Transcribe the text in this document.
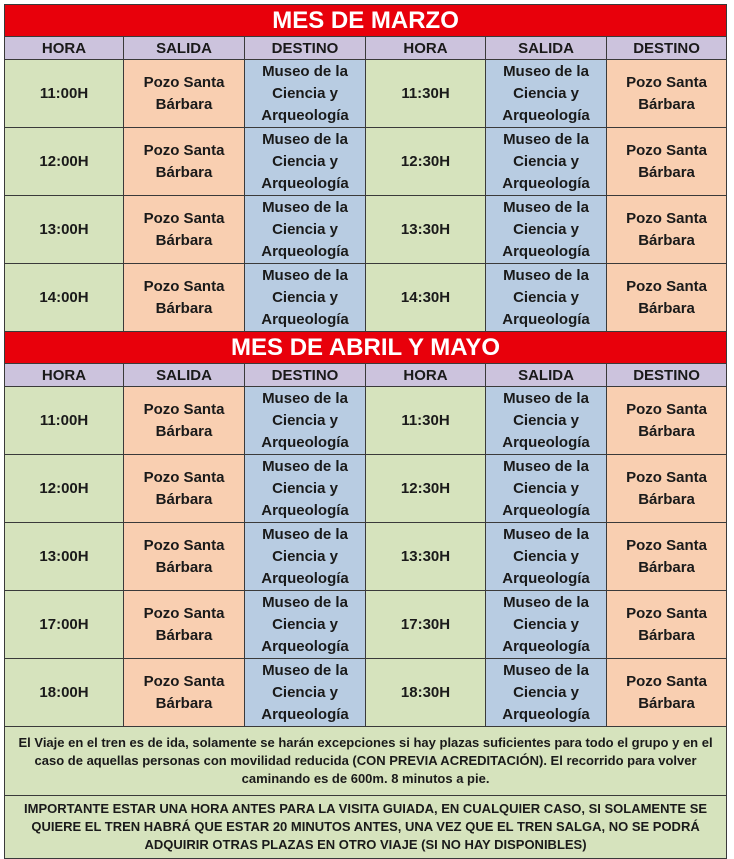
MES DE MARZO					
HORA	SALIDA	DESTINO	HORA	SALIDA	DESTINO
11:00H	Pozo Santa Bárbara	Museo de la Ciencia y Arqueología	11:30H	Museo de la Ciencia y Arqueología	Pozo Santa Bárbara
12:00H	Pozo Santa Bárbara	Museo de la Ciencia y Arqueología	12:30H	Museo de la Ciencia y Arqueología	Pozo Santa Bárbara
13:00H	Pozo Santa Bárbara	Museo de la Ciencia y Arqueología	13:30H	Museo de la Ciencia y Arqueología	Pozo Santa Bárbara
14:00H	Pozo Santa Bárbara	Museo de la Ciencia y Arqueología	14:30H	Museo de la Ciencia y Arqueología	Pozo Santa Bárbara
MES DE ABRIL Y MAYO					
HORA	SALIDA	DESTINO	HORA	SALIDA	DESTINO
11:00H	Pozo Santa Bárbara	Museo de la Ciencia y Arqueología	11:30H	Museo de la Ciencia y Arqueología	Pozo Santa Bárbara
12:00H	Pozo Santa Bárbara	Museo de la Ciencia y Arqueología	12:30H	Museo de la Ciencia y Arqueología	Pozo Santa Bárbara
13:00H	Pozo Santa Bárbara	Museo de la Ciencia y Arqueología	13:30H	Museo de la Ciencia y Arqueología	Pozo Santa Bárbara
17:00H	Pozo Santa Bárbara	Museo de la Ciencia y Arqueología	17:30H	Museo de la Ciencia y Arqueología	Pozo Santa Bárbara
18:00H	Pozo Santa Bárbara	Museo de la Ciencia y Arqueología	18:30H	Museo de la Ciencia y Arqueología	Pozo Santa Bárbara
El Viaje en el tren es de ida, solamente se harán excepciones si hay plazas suficientes para todo el grupo y en el caso de aquellas personas con movilidad reducida (CON PREVIA ACREDITACIÓN). El recorrido para volver caminando es de 600m. 8 minutos a pie.					
IMPORTANTE ESTAR UNA HORA ANTES PARA LA VISITA GUIADA, EN CUALQUIER CASO, SI SOLAMENTE SE QUIERE EL TREN HABRÁ QUE ESTAR 20 MINUTOS ANTES, UNA VEZ QUE EL TREN SALGA, NO SE PODRÁ ADQUIRIR OTRAS PLAZAS EN OTRO VIAJE (SI NO HAY DISPONIBLES)					
